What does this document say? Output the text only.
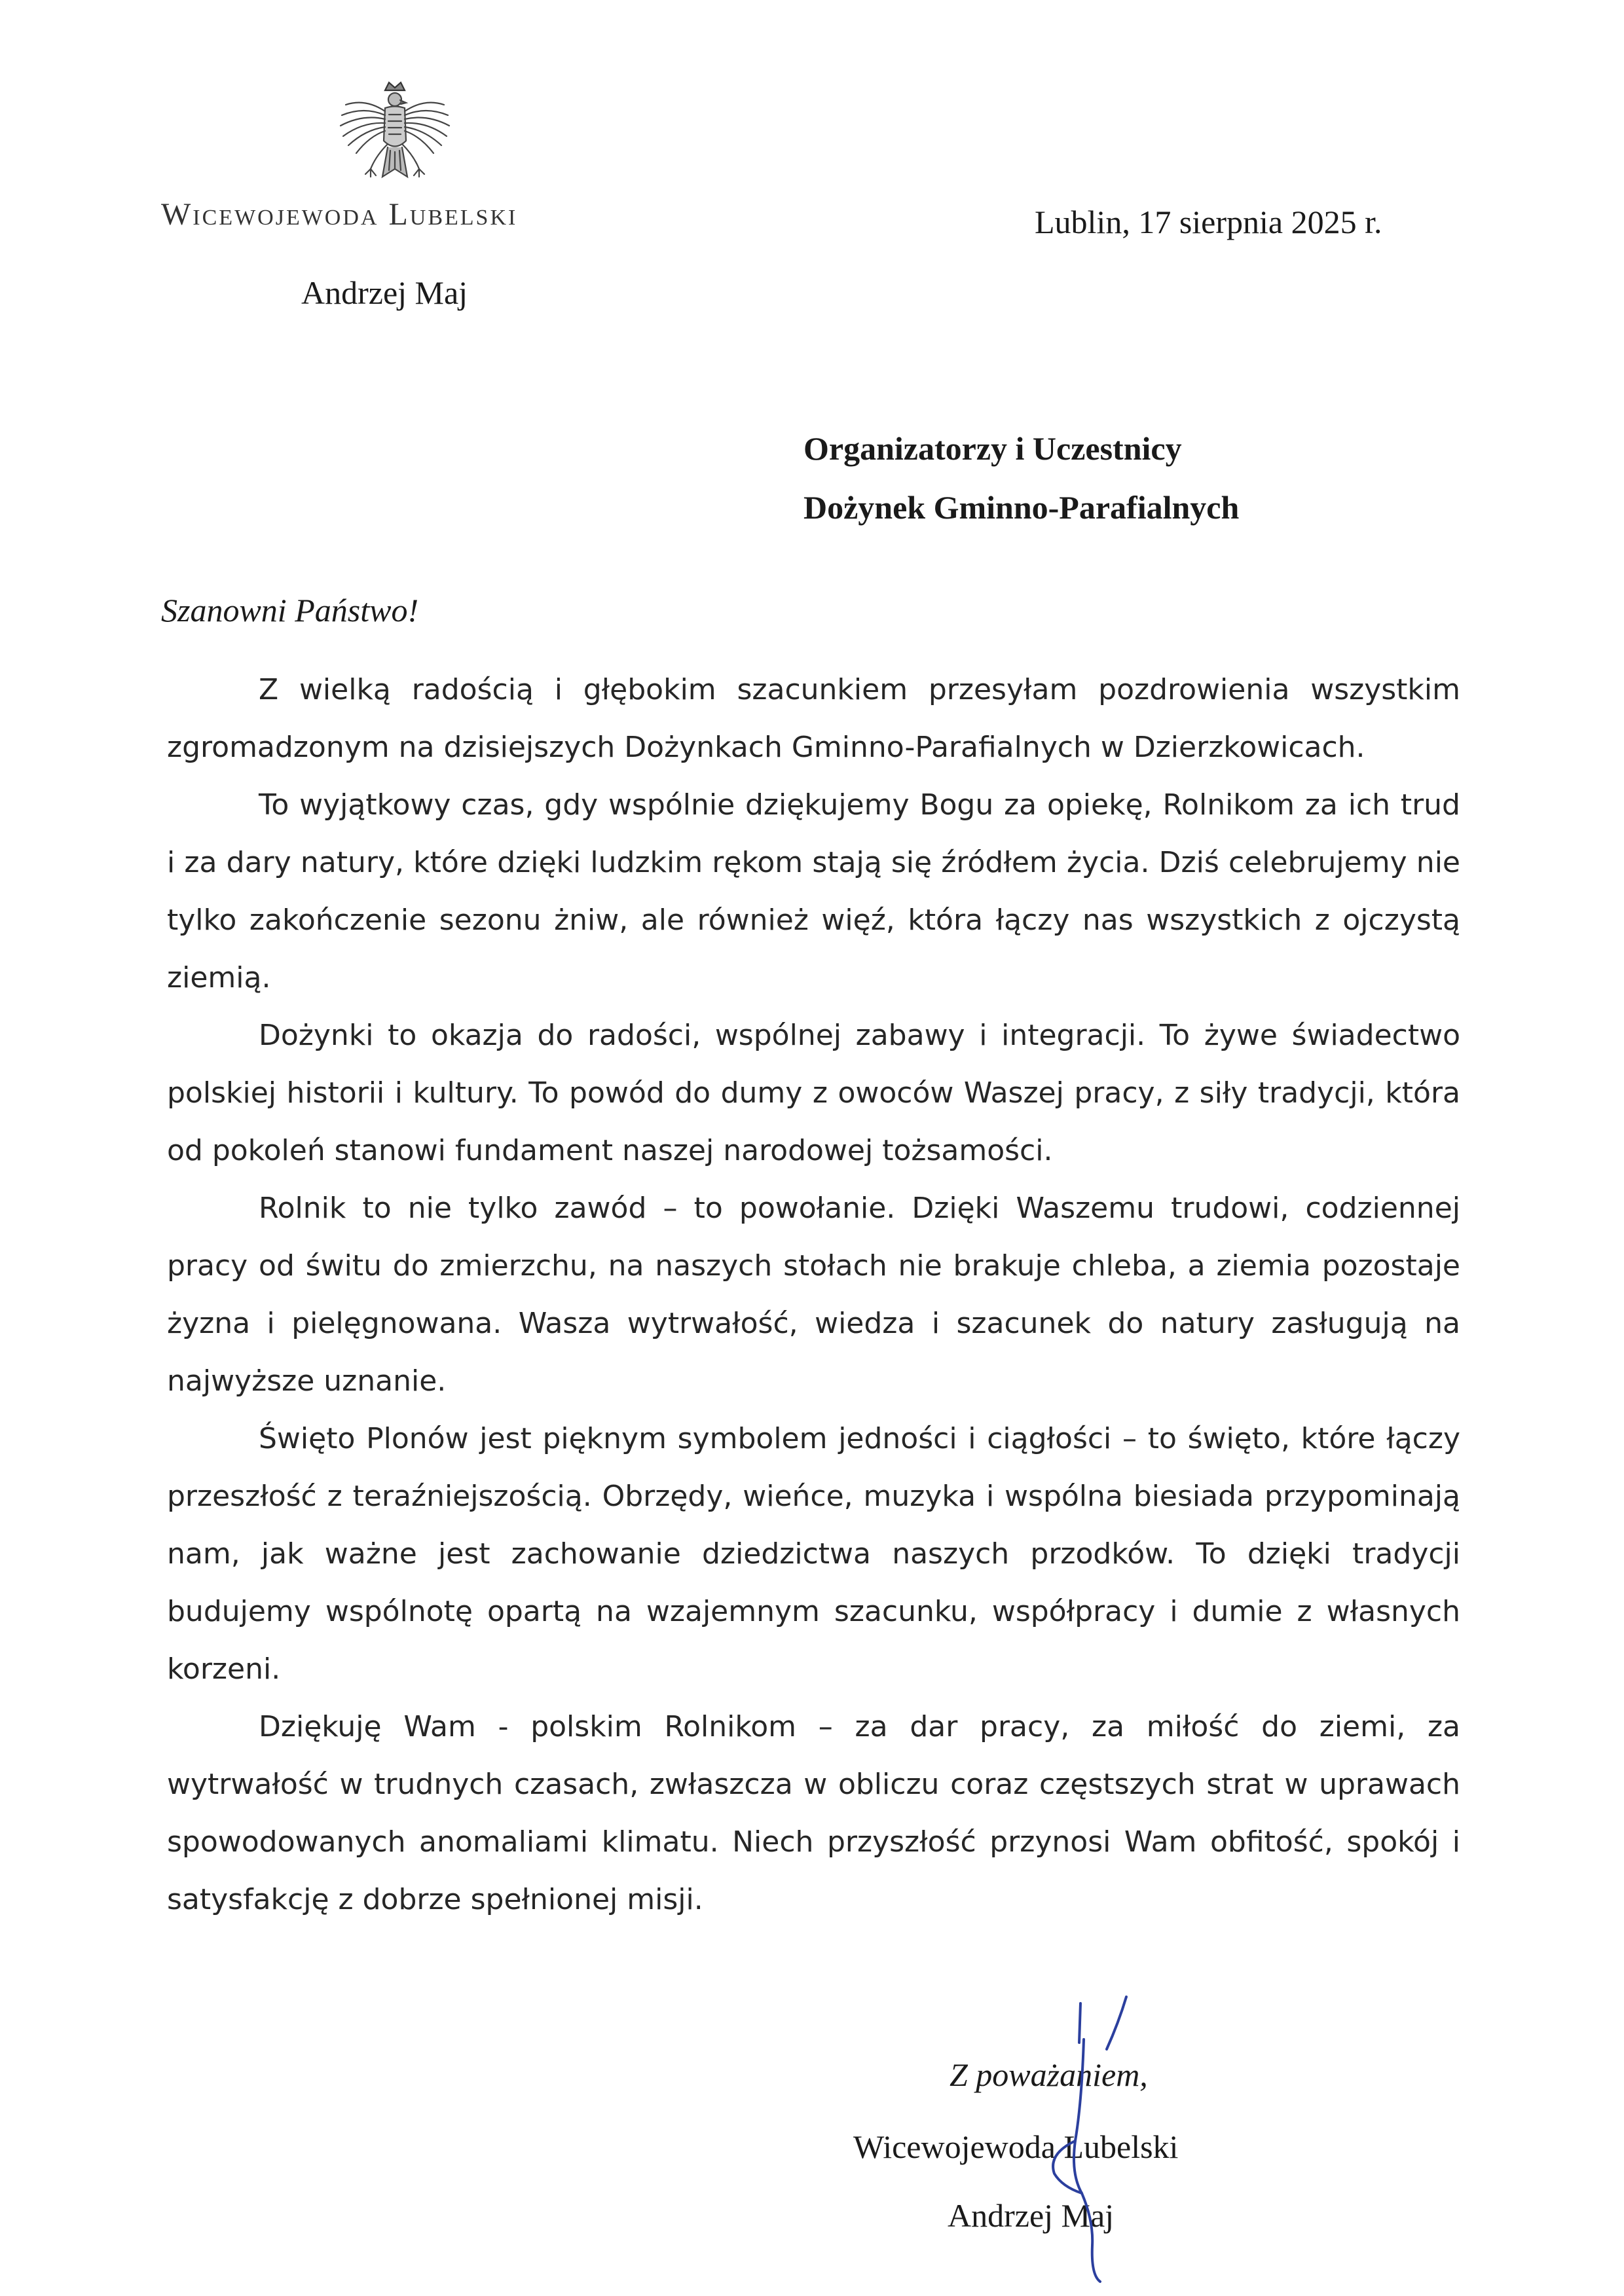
Wicewojewoda Lubelski
Andrzej Maj
Lublin, 17 sierpnia 2025 r.
Organizatorzy i Uczestnicy
Dożynek Gminno-Parafialnych
Szanowni Państwo!

Z wielką radością i głębokim szacunkiem przesyłam pozdrowienia wszystkim zgromadzonym na dzisiejszych Dożynkach Gminno-Parafialnych w Dzierzkowicach.

To wyjątkowy czas, gdy wspólnie dziękujemy Bogu za opiekę, Rolnikom za ich trud i za dary natury, które dzięki ludzkim rękom stają się źródłem życia. Dziś celebrujemy nie tylko zakończenie sezonu żniw, ale również więź, która łączy nas wszystkich z ojczystą ziemią.

Dożynki to okazja do radości, wspólnej zabawy i integracji. To żywe świadectwo polskiej historii i kultury. To powód do dumy z owoców Waszej pracy, z siły tradycji, która od pokoleń stanowi fundament naszej narodowej tożsamości.

Rolnik to nie tylko zawód – to powołanie. Dzięki Waszemu trudowi, codziennej pracy od świtu do zmierzchu, na naszych stołach nie brakuje chleba, a ziemia pozostaje żyzna i pielęgnowana. Wasza wytrwałość, wiedza i szacunek do natury zasługują na najwyższe uznanie.

Święto Plonów jest pięknym symbolem jedności i ciągłości – to święto, które łączy przeszłość z teraźniejszością. Obrzędy, wieńce, muzyka i wspólna biesiada przypominają nam, jak ważne jest zachowanie dziedzictwa naszych przodków. To dzięki tradycji budujemy wspólnotę opartą na wzajemnym szacunku, współpracy i dumie z własnych korzeni.

Dziękuję Wam - polskim Rolnikom – za dar pracy, za miłość do ziemi, za wytrwałość w trudnych czasach, zwłaszcza w obliczu coraz częstszych strat w uprawach spowodowanych anomaliami klimatu. Niech przyszłość przynosi Wam obfitość, spokój i satysfakcję z dobrze spełnionej misji.

Z poważaniem,
Wicewojewoda Lubelski
Andrzej Maj
